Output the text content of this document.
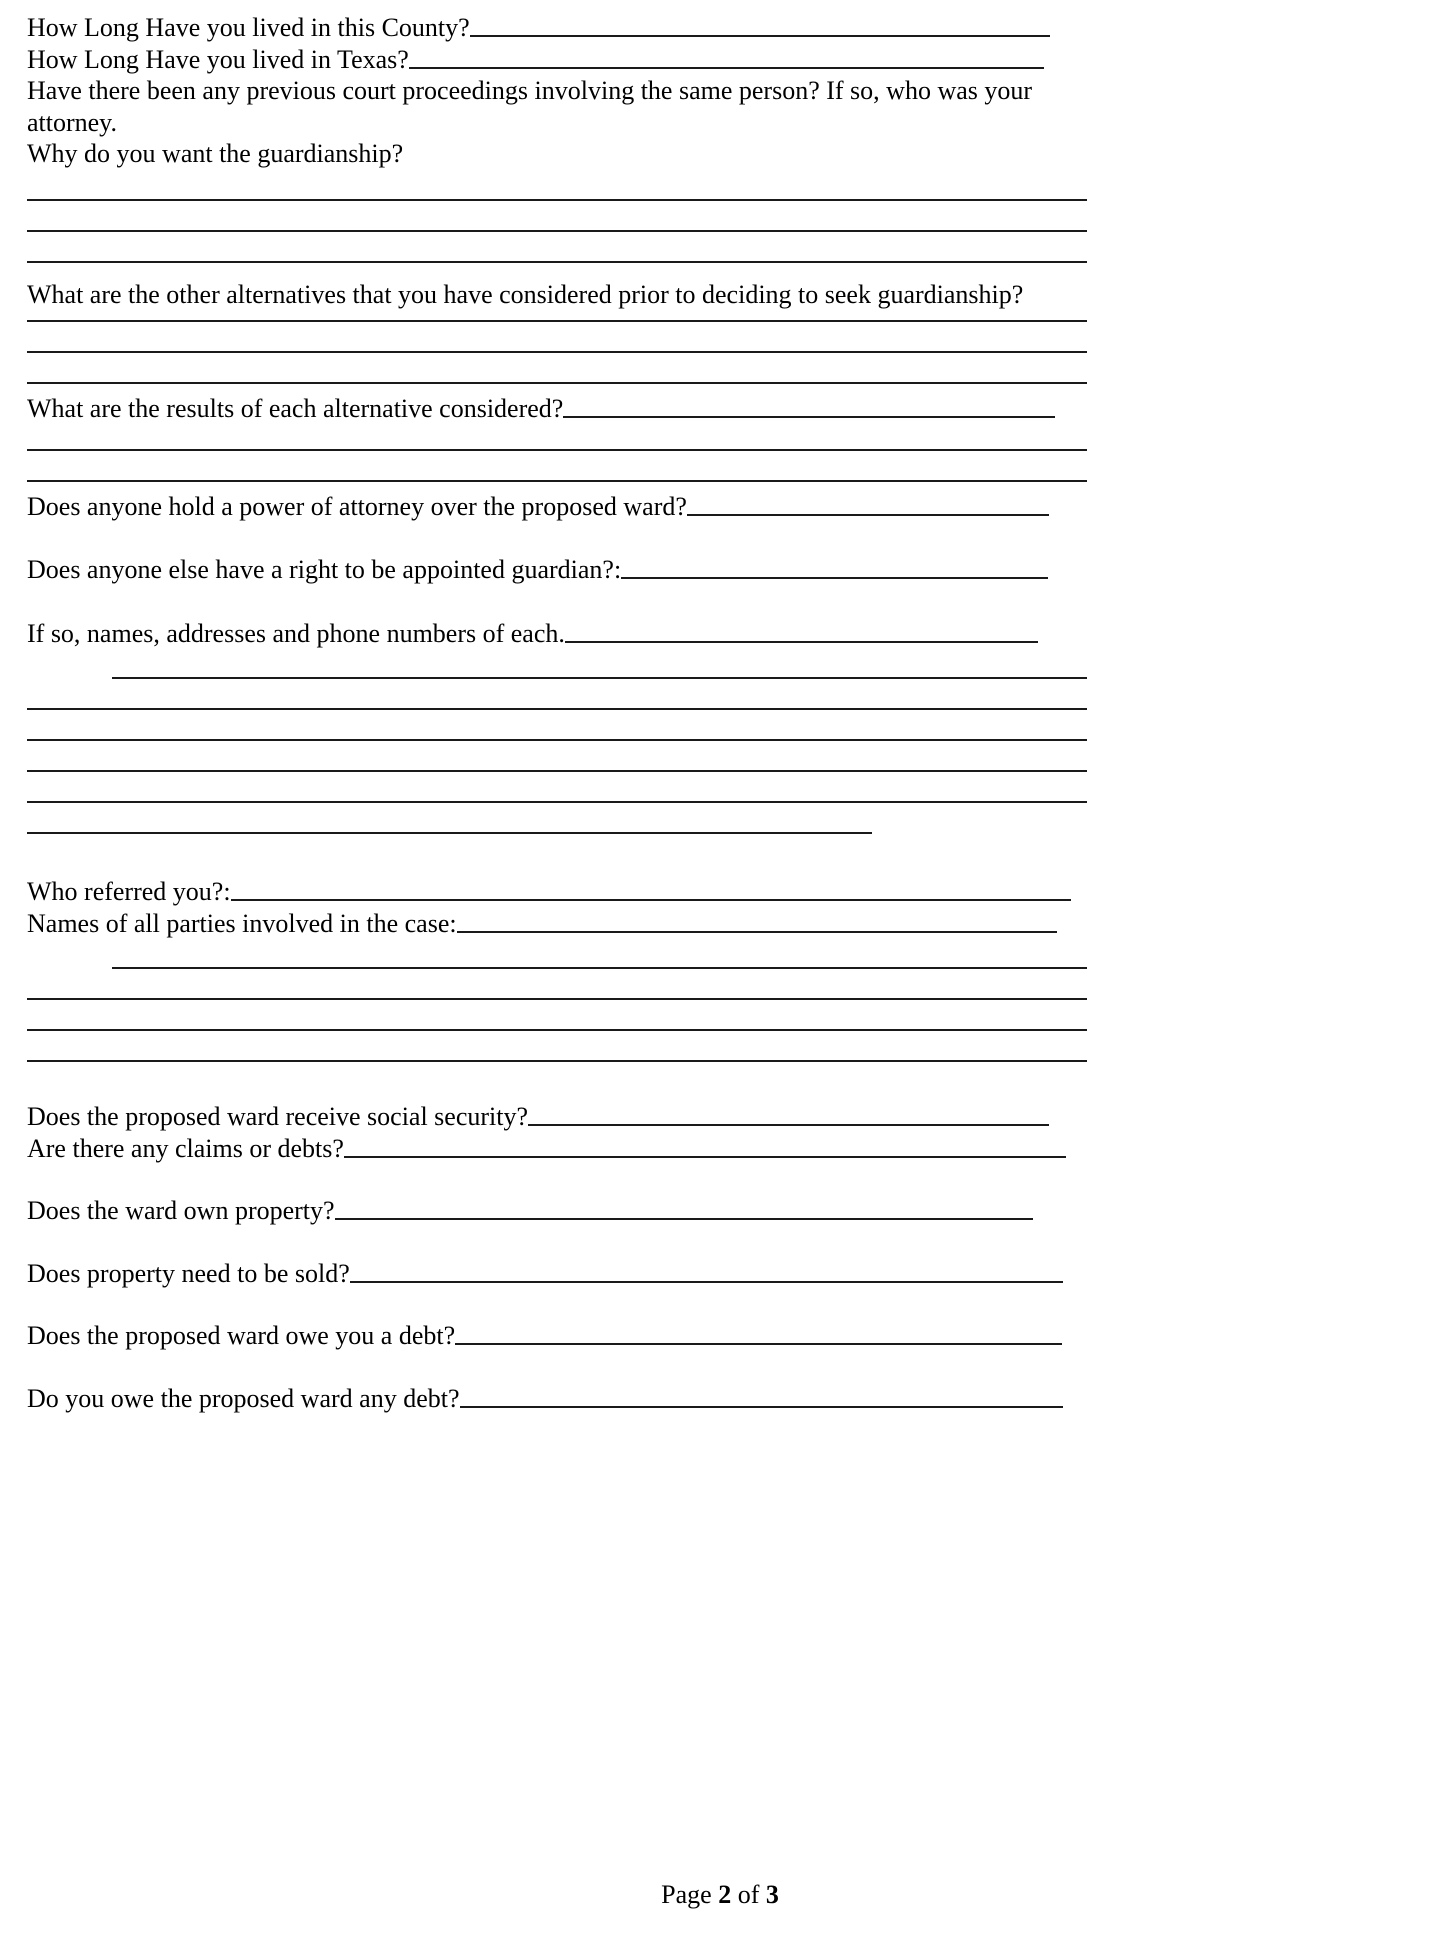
How Long Have you lived in this County?
How Long Have you lived in Texas?
Have there been any previous court proceedings involving the same person? If so, who was your attorney.
Why do you want the guardianship?
What are the other alternatives that you have considered prior to deciding to seek guardianship?
What are the results of each alternative considered?
Does anyone hold a power of attorney over the proposed ward?
Does anyone else have a right to be appointed guardian?:
If so, names, addresses and phone numbers of each.
Who referred you?:
Names of all parties involved in the case:
Does the proposed ward receive social security?
Are there any claims or debts?
Does the ward own property?
Does property need to be sold?
Does the proposed ward owe you a debt?
Do you owe the proposed ward any debt?
Page 2 of 3
